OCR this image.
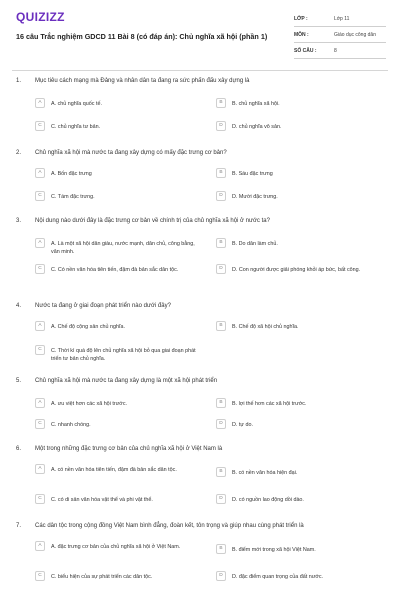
QUIZIZZ
16 câu Trắc nghiệm GDCD 11 Bài 8 (có đáp án): Chủ nghĩa xã hội (phần 1)
LỚP :	Lớp 11
MÔN :	Giáo dục công dân
SỐ CÂU :	8
1. Mục tiêu cách mạng mà Đảng và nhân dân ta đang ra sức phấn đấu xây dựng là
A	A. chủ nghĩa quốc tế.	B	B. chủ nghĩa xã hội.
C	C. chủ nghĩa tư bản.	D	D. chủ nghĩa vô sản.
2. Chủ nghĩa xã hội mà nước ta đang xây dựng có mấy đặc trưng cơ bản?
A	A. Bốn đặc trưng	B	B. Sáu đặc trưng
C	C. Tám đặc trưng.	D	D. Mười đặc trưng.
3. Nội dung nào dưới đây là đặc trưng cơ bản về chính trị của chủ nghĩa xã hội ở nước ta?
A	A. Là một xã hội dân giàu, nước mạnh, dân chủ, công bằng, văn minh.
B	B. Do dân làm chủ.
C	C. Có nền văn hóa tiên tiến, đậm đà bản sắc dân tộc.	D	D. Con người được giải phóng khỏi áp bức, bất công.
4. Nước ta đang ở giai đoạn phát triển nào dưới đây?
A	A. Chế độ cộng sản chủ nghĩa.	B	B. Chế độ xã hội chủ nghĩa.
C	C. Thời kì quá độ lên chủ nghĩa xã hội bỏ qua giai đoạn phát triển tư bản chủ nghĩa.
5. Chủ nghĩa xã hội mà nước ta đang xây dựng là một xã hội phát triển
A	A. ưu việt hơn các xã hội trước.	B	B. lợi thế hơn các xã hội trước.
C	C. nhanh chóng.	D	D. tự do.
6. Một trong những đặc trưng cơ bản của chủ nghĩa xã hội ở Việt Nam là
A	A. có nền văn hóa tiên tiến, đậm đà bản sắc dân tộc.	B	B. có nền văn hóa hiện đại.
C	C. có di sản văn hóa vật thể và phi vật thể.	D	D. có nguồn lao động dồi dào.
7. Các dân tộc trong cộng đồng Việt Nam bình đẳng, đoàn kết, tôn trọng và giúp nhau cùng phát triển là
A	A. đặc trưng cơ bản của chủ nghĩa xã hội ở Việt Nam.	B	B. điểm mới trong xã hội Việt Nam.
C	C. biểu hiện của sự phát triển các dân tộc.	D	D. đặc điểm quan trọng của đất nước.
